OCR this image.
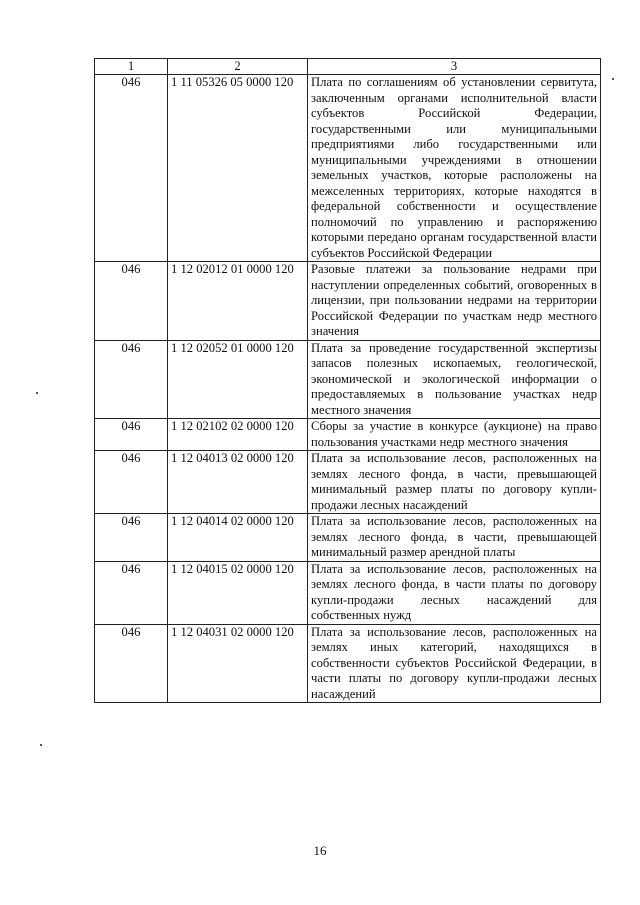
1	2	3
046	1 11 05326 05 0000 120	Плата по соглашениям об установлении сервитута, заключенным органами исполнительной власти субъектов Российской Федерации, государственными или муниципальными предприятиями либо государственными или муниципальными учреждениями в отношении земельных участков, которые расположены на межселенных территориях, которые находятся в федеральной собственности и осуществление полномочий по управлению и распоряжению которыми передано органам государственной власти субъектов Российской Федерации
046	1 12 02012 01 0000 120	Разовые платежи за пользование недрами при наступлении определенных событий, оговоренных в лицензии, при пользовании недрами на территории Российской Федерации по участкам недр местного значения
046	1 12 02052 01 0000 120	Плата за проведение государственной экспертизы запасов полезных ископаемых, геологической, экономической и экологической информации о предоставляемых в пользование участках недр местного значения
046	1 12 02102 02 0000 120	Сборы за участие в конкурсе (аукционе) на право пользования участками недр местного значения
046	1 12 04013 02 0000 120	Плата за использование лесов, расположенных на землях лесного фонда, в части, превышающей минимальный размер платы по договору купли-продажи лесных насаждений
046	1 12 04014 02 0000 120	Плата за использование лесов, расположенных на землях лесного фонда, в части, превышающей минимальный размер арендной платы
046	1 12 04015 02 0000 120	Плата за использование лесов, расположенных на землях лесного фонда, в части платы по договору купли-продажи лесных насаждений для собственных нужд
046	1 12 04031 02 0000 120	Плата за использование лесов, расположенных на землях иных категорий, находящихся в собственности субъектов Российской Федерации, в части платы по договору купли-продажи лесных насаждений
16
